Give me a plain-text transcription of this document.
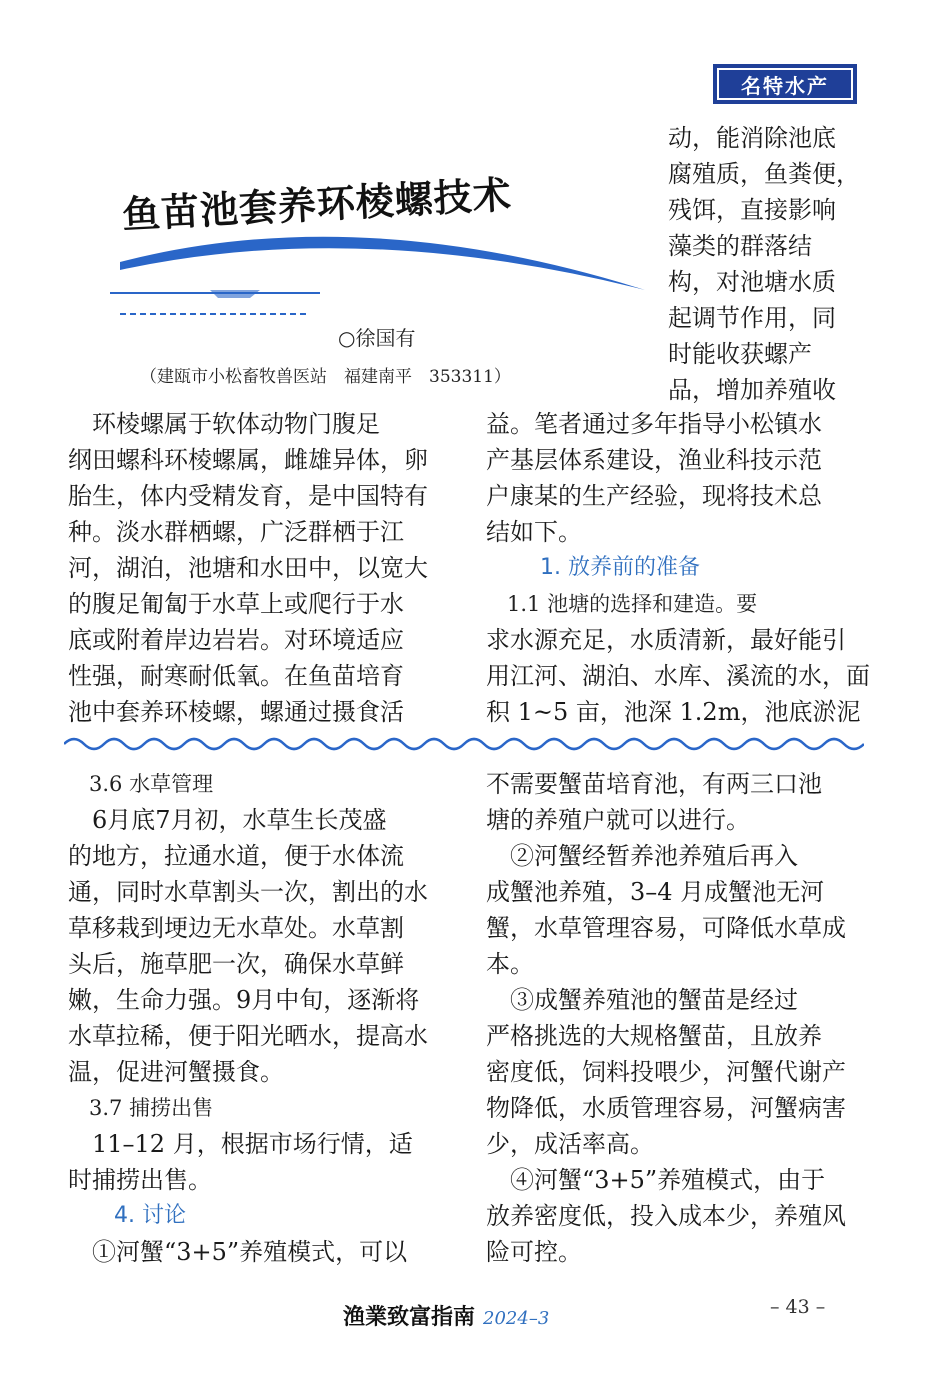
名特水产
鱼苗池套养环棱螺技术
○徐国有
（建瓯市小松畜牧兽医站　福建南平　353311）
动，能消除池底
腐殖质，鱼粪便，
残饵，直接影响
藻类的群落结
构，对池塘水质
起调节作用，同
时能收获螺产
品，增加养殖收
　环棱螺属于软体动物门腹足
纲田螺科环棱螺属，雌雄异体，卵
胎生，体内受精发育，是中国特有
种。淡水群栖螺，广泛群栖于江
河，湖泊，池塘和水田中，以宽大
的腹足匍匐于水草上或爬行于水
底或附着岸边岩岩。对环境适应
性强，耐寒耐低氧。在鱼苗培育
池中套养环棱螺，螺通过摄食活
益。笔者通过多年指导小松镇水
产基层体系建设，渔业科技示范
户康某的生产经验，现将技术总
结如下。
1. 放养前的准备
　1.1 池塘的选择和建造。要
求水源充足，水质清新，最好能引
用江河、湖泊、水库、溪流的水，面
积 1~5 亩，池深 1.2m，池底淤泥
　3.6 水草管理
　6月底7月初，水草生长茂盛
的地方，拉通水道，便于水体流
通，同时水草割头一次，割出的水
草移栽到埂边无水草处。水草割
头后，施草肥一次，确保水草鲜
嫩，生命力强。9月中旬，逐渐将
水草拉稀，便于阳光晒水，提高水
温，促进河蟹摄食。
　3.7 捕捞出售
　11–12 月，根据市场行情，适
时捕捞出售。
　4. 讨论
　①河蟹“3+5”养殖模式，可以
不需要蟹苗培育池，有两三口池
塘的养殖户就可以进行。
　②河蟹经暂养池养殖后再入
成蟹池养殖，3–4 月成蟹池无河
蟹，水草管理容易，可降低水草成
本。
　③成蟹养殖池的蟹苗是经过
严格挑选的大规格蟹苗，且放养
密度低，饲料投喂少，河蟹代谢产
物降低，水质管理容易，河蟹病害
少，成活率高。
　④河蟹“3+5”养殖模式，由于
放养密度低，投入成本少，养殖风
险可控。
渔業致富指南 2024–3
– 43 –
